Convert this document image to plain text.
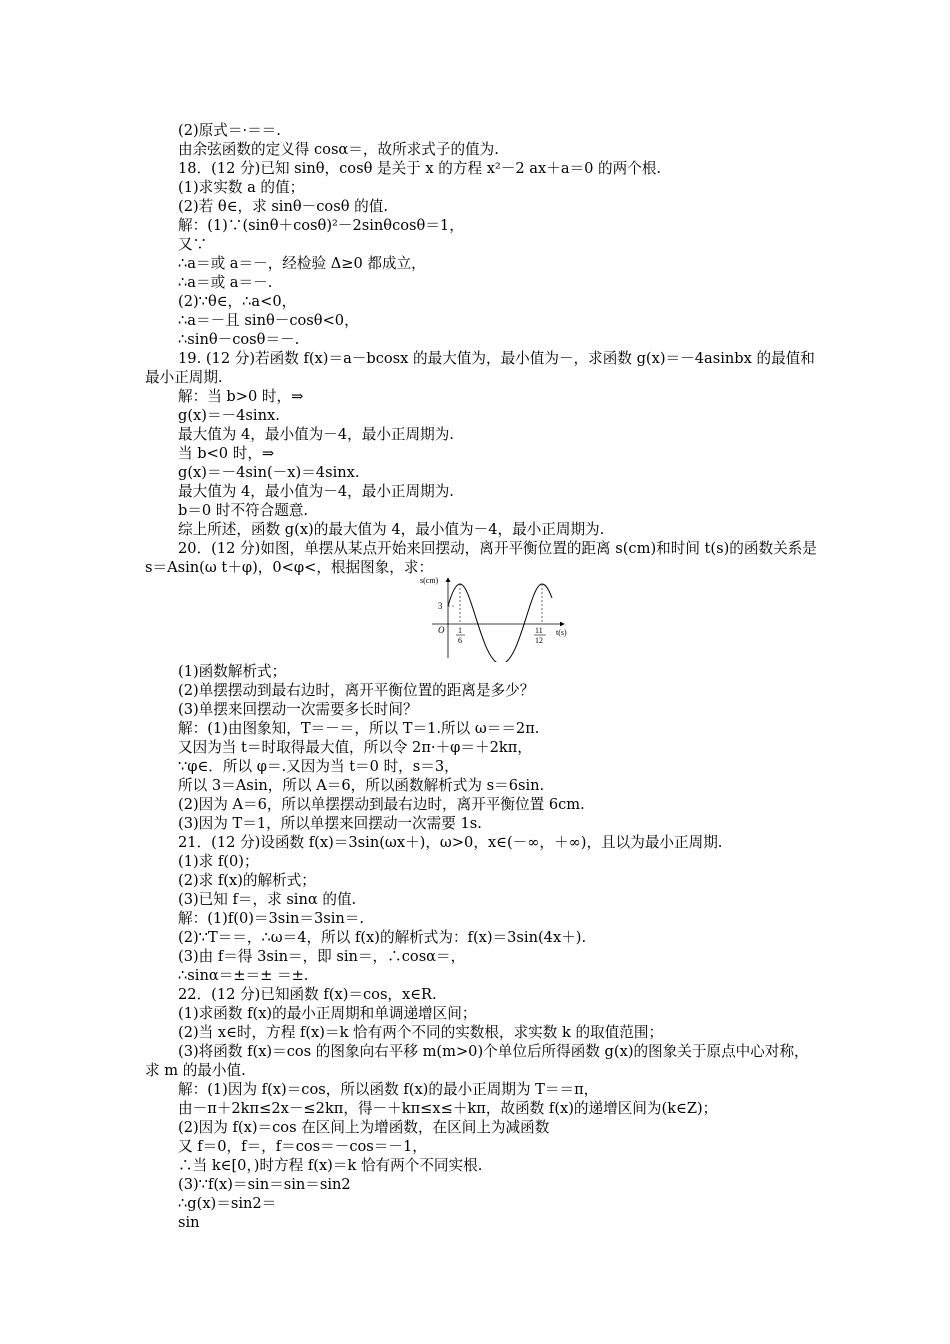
(2)原式＝·＝＝.
由余弦函数的定义得 cosα＝，故所求式子的值为.
18．(12 分)已知 sinθ，cosθ 是关于 x 的方程 x²－2 ax＋a＝0 的两个根.
(1)求实数 a 的值；
(2)若 θ∈，求 sinθ－cosθ 的值.
解：(1)∵(sinθ＋cosθ)²－2sinθcosθ＝1，
又∵
∴a＝或 a＝－，经检验 Δ≥0 都成立，
∴a＝或 a＝－.
(2)∵θ∈，∴a<0，
∴a＝－且 sinθ－cosθ<0，
∴sinθ－cosθ＝－.
19. (12 分)若函数 f(x)＝a－bcosx 的最大值为，最小值为－，求函数 g(x)＝－4asinbx 的最值和最小正周期.
解：当 b>0 时，⇒
g(x)＝－4sinx.
最大值为 4，最小值为－4，最小正周期为.
当 b<0 时，⇒
g(x)＝－4sin(－x)＝4sinx.
最大值为 4，最小值为－4，最小正周期为.
b＝0 时不符合题意.
综上所述，函数 g(x)的最大值为 4，最小值为－4，最小正周期为.
20．(12 分)如图，单摆从某点开始来回摆动，离开平衡位置的距离 s(cm)和时间 t(s)的函数关系是 s＝Asin(ω t＋φ)，0<φ<，根据图象，求：
s(cm)
t(s)
O
3
1
6
11
12
(1)函数解析式；
(2)单摆摆动到最右边时，离开平衡位置的距离是多少？
(3)单摆来回摆动一次需要多长时间？
解：(1)由图象知，T＝－＝，所以 T＝1.所以 ω＝＝2π.
又因为当 t＝时取得最大值，所以令 2π·＋φ＝＋2kπ，
∵φ∈．所以 φ＝.又因为当 t＝0 时，s＝3，
所以 3＝Asin，所以 A＝6，所以函数解析式为 s＝6sin.
(2)因为 A＝6，所以单摆摆动到最右边时，离开平衡位置 6cm.
(3)因为 T＝1，所以单摆来回摆动一次需要 1s.
21．(12 分)设函数 f(x)＝3sin(ωx＋)，ω>0，x∈(－∞，＋∞)，且以为最小正周期.
(1)求 f(0)；
(2)求 f(x)的解析式；
(3)已知 f＝，求 sinα 的值.
解：(1)f(0)＝3sin＝3sin＝.
(2)∵T＝＝，∴ω＝4，所以 f(x)的解析式为：f(x)＝3sin(4x＋).
(3)由 f＝得 3sin＝，即 sin＝，∴cosα＝，
∴sinα＝±＝± ＝±.
22．(12 分)已知函数 f(x)＝cos，x∈R.
(1)求函数 f(x)的最小正周期和单调递增区间；
(2)当 x∈时，方程 f(x)＝k 恰有两个不同的实数根，求实数 k 的取值范围；
(3)将函数 f(x)＝cos 的图象向右平移 m(m>0)个单位后所得函数 g(x)的图象关于原点中心对称，求 m 的最小值.
解：(1)因为 f(x)＝cos，所以函数 f(x)的最小正周期为 T＝＝π，
由－π＋2kπ≤2x－≤2kπ，得－＋kπ≤x≤＋kπ，故函数 f(x)的递增区间为(k∈Z)；
(2)因为 f(x)＝cos 在区间上为增函数，在区间上为减函数
又 f＝0，f＝，f＝cos＝－cos＝－1，
∴当 k∈[0，)时方程 f(x)＝k 恰有两个不同实根.
(3)∵f(x)＝sin＝sin＝sin2
∴g(x)＝sin2＝
sin
